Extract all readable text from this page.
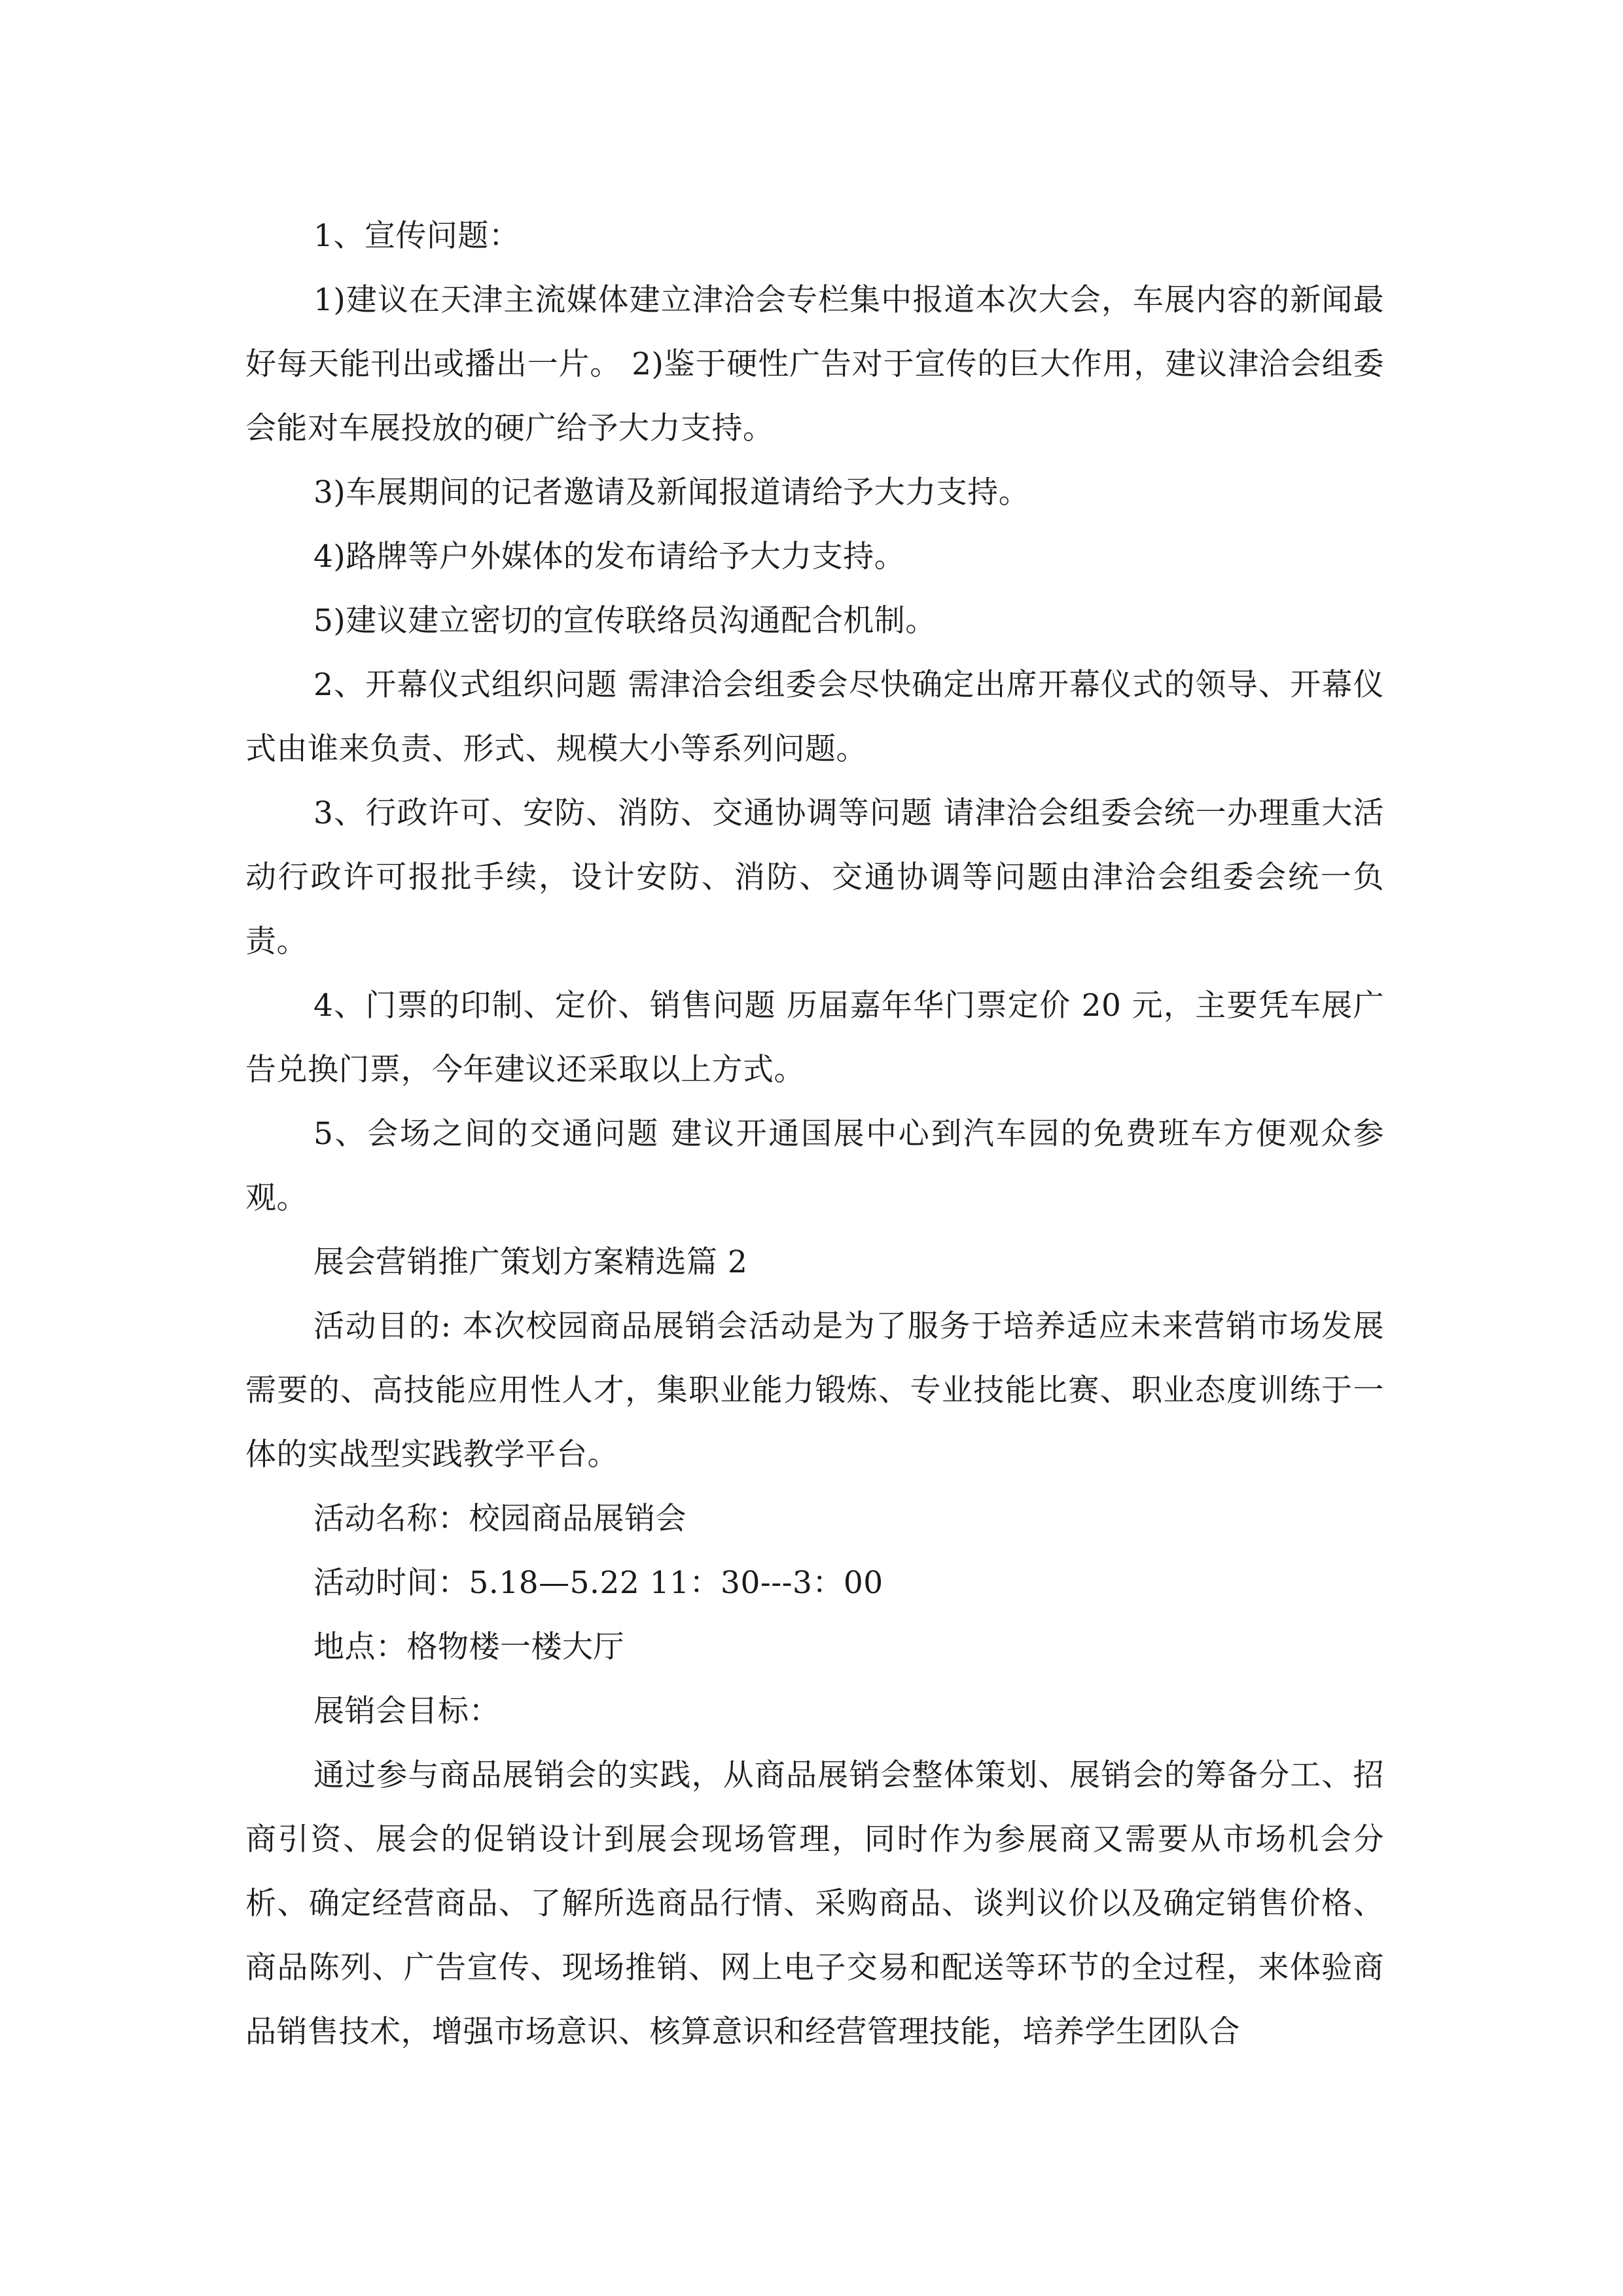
1、宣传问题：

1)建议在天津主流媒体建立津洽会专栏集中报道本次大会，车展内容的新闻最好每天能刊出或播出一片。 2)鉴于硬性广告对于宣传的巨大作用，建议津洽会组委会能对车展投放的硬广给予大力支持。

3)车展期间的记者邀请及新闻报道请给予大力支持。

4)路牌等户外媒体的发布请给予大力支持。

5)建议建立密切的宣传联络员沟通配合机制。

2、开幕仪式组织问题 需津洽会组委会尽快确定出席开幕仪式的领导、开幕仪式由谁来负责、形式、规模大小等系列问题。

3、行政许可、安防、消防、交通协调等问题 请津洽会组委会统一办理重大活动行政许可报批手续，设计安防、消防、交通协调等问题由津洽会组委会统一负责。

4、门票的印制、定价、销售问题 历届嘉年华门票定价 20 元，主要凭车展广告兑换门票，今年建议还采取以上方式。

5、会场之间的交通问题 建议开通国展中心到汽车园的免费班车方便观众参观。

展会营销推广策划方案精选篇 2

活动目的: 本次校园商品展销会活动是为了服务于培养适应未来营销市场发展需要的、高技能应用性人才，集职业能力锻炼、专业技能比赛、职业态度训练于一体的实战型实践教学平台。

活动名称：校园商品展销会

活动时间：5.18—5.22 11：30---3：00

地点：格物楼一楼大厅

展销会目标：

通过参与商品展销会的实践，从商品展销会整体策划、展销会的筹备分工、招商引资、展会的促销设计到展会现场管理，同时作为参展商又需要从市场机会分析、确定经营商品、了解所选商品行情、采购商品、谈判议价以及确定销售价格、商品陈列、广告宣传、现场推销、网上电子交易和配送等环节的全过程，来体验商品销售技术，增强市场意识、核算意识和经营管理技能，培养学生团队合
